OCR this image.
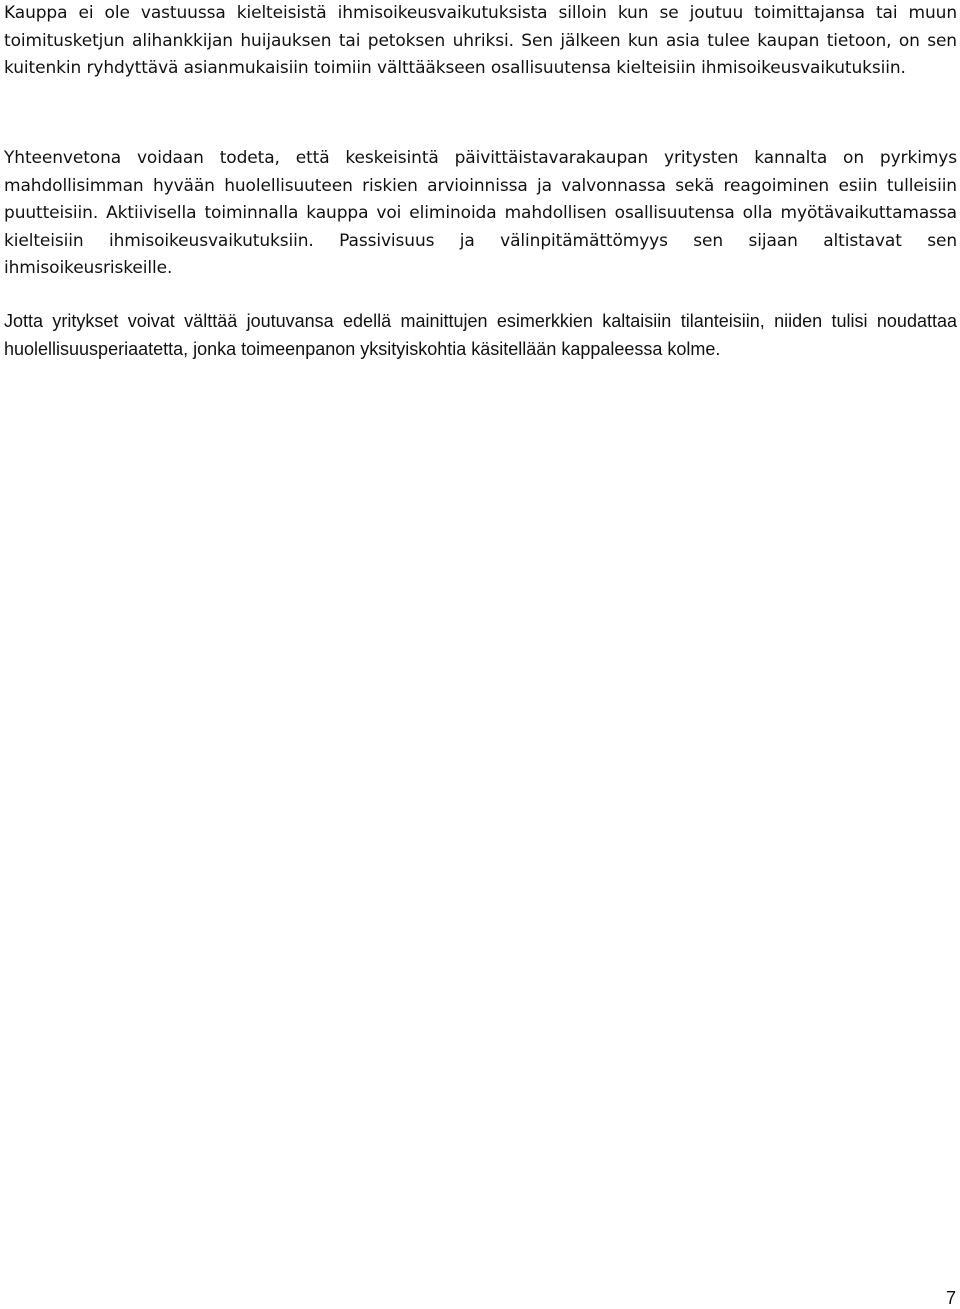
Kauppa ei ole vastuussa kielteisistä ihmisoikeusvaikutuksista silloin kun se joutuu toimittajansa tai muun toimitusketjun alihankkijan huijauksen tai petoksen uhriksi. Sen jälkeen kun asia tulee kaupan tietoon, on sen kuitenkin ryhdyttävä asianmukaisiin toimiin välttääkseen osallisuutensa kielteisiin ihmisoikeusvaikutuksiin.

Yhteenvetona voidaan todeta, että keskeisintä päivittäistavarakaupan yritysten kannalta on pyrkimys mahdollisimman hyvään huolellisuuteen riskien arvioinnissa ja valvonnassa sekä reagoiminen esiin tulleisiin puutteisiin. Aktiivisella toiminnalla kauppa voi eliminoida mahdollisen osallisuutensa olla myötävaikuttamassa kielteisiin ihmisoikeusvaikutuksiin. Passivisuus ja välinpitämättömyys sen sijaan altistavat sen ihmisoikeusriskeille.

Jotta yritykset voivat välttää joutuvansa edellä mainittujen esimerkkien kaltaisiin tilanteisiin, niiden tulisi noudattaa huolellisuusperiaatetta, jonka toimeenpanon yksityiskohtia käsitellään kappaleessa kolme.

7
